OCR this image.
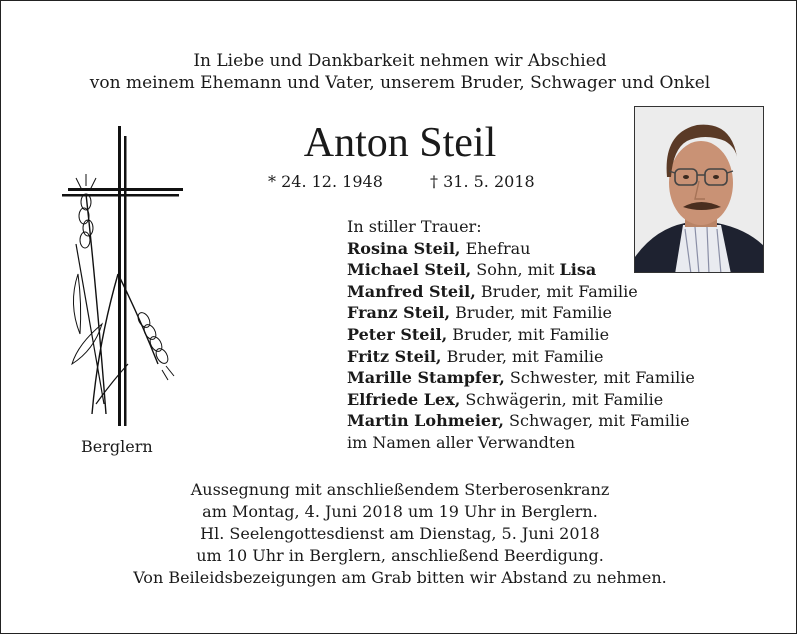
In Liebe und Dankbarkeit nehmen wir Abschied
von meinem Ehemann und Vater, unserem Bruder, Schwager und Onkel
Anton Steil
* 24. 12. 1948	† 31. 5. 2018
Berglern
In stiller Trauer:
Rosina Steil, Ehefrau
Michael Steil, Sohn, mit Lisa
Manfred Steil, Bruder, mit Familie
Franz Steil, Bruder, mit Familie
Peter Steil, Bruder, mit Familie
Fritz Steil, Bruder, mit Familie
Marille Stampfer, Schwester, mit Familie
Elfriede Lex, Schwägerin, mit Familie
Martin Lohmeier, Schwager, mit Familie
im Namen aller Verwandten
Aussegnung mit anschließendem Sterberosenkranz
am Montag, 4. Juni 2018 um 19 Uhr in Berglern.
Hl. Seelengottesdienst am Dienstag, 5. Juni 2018
um 10 Uhr in Berglern, anschließend Beerdigung.
Von Beileidsbezeigungen am Grab bitten wir Abstand zu nehmen.
